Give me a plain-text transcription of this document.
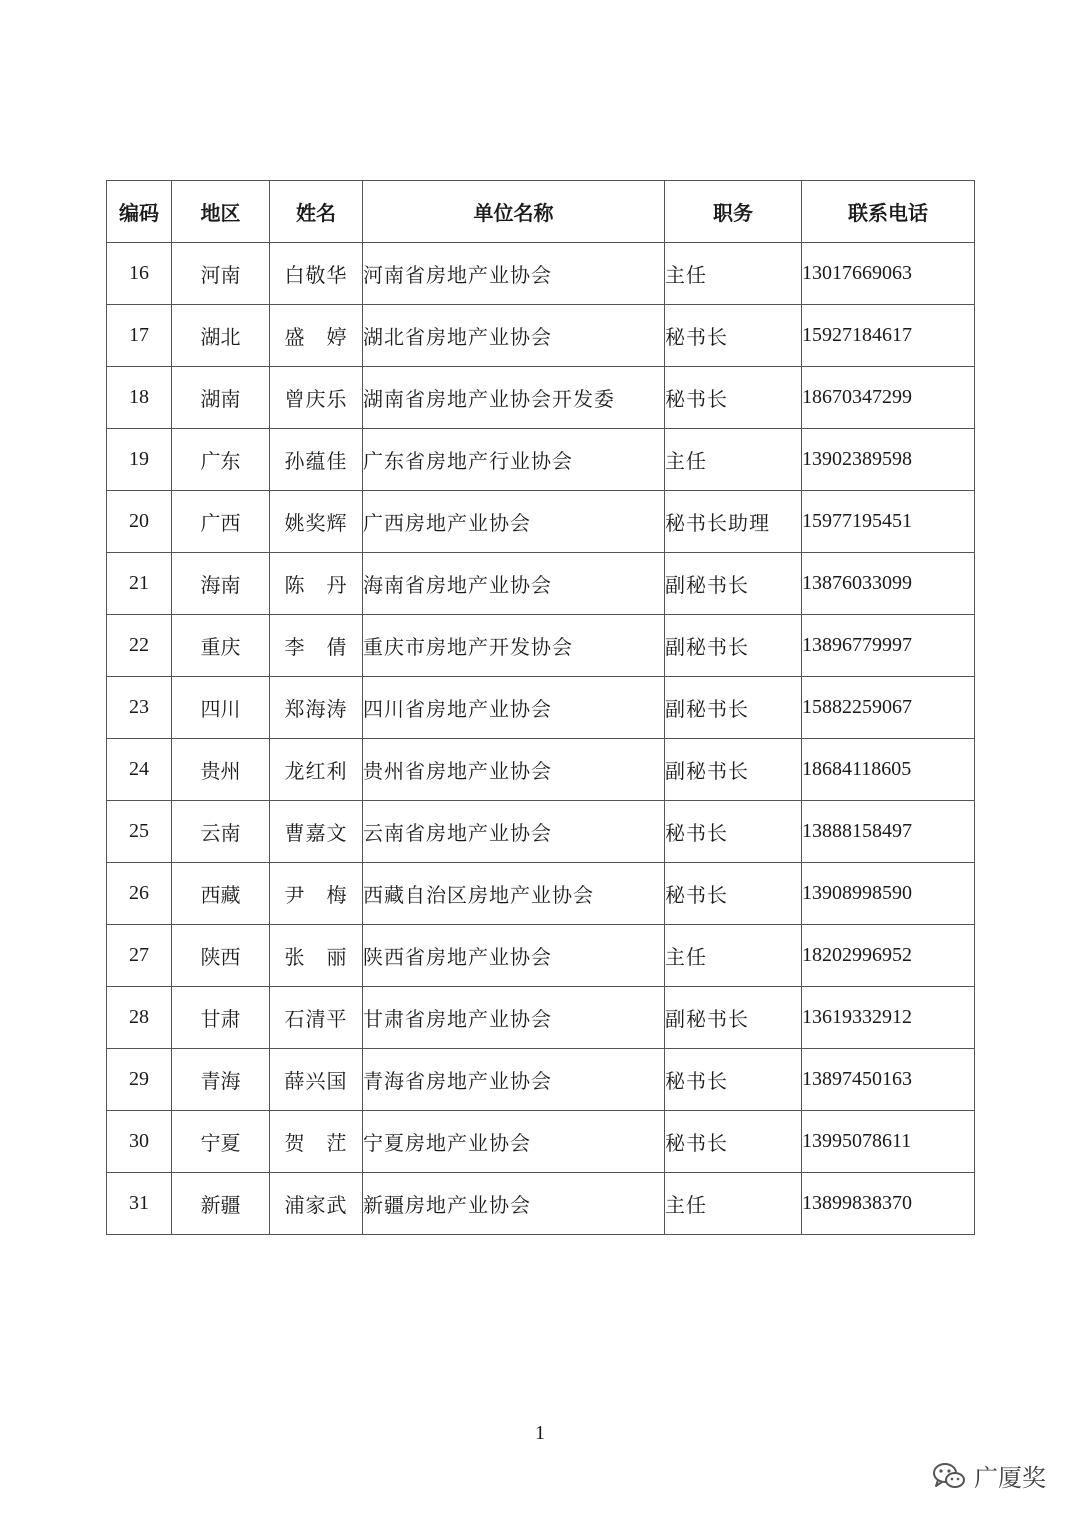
编码	地区	姓名	单位名称	职务	联系电话
16	河南	白敬华	河南省房地产业协会	主任	13017669063
17	湖北	盛　婷	湖北省房地产业协会	秘书长	15927184617
18	湖南	曾庆乐	湖南省房地产业协会开发委	秘书长	18670347299
19	广东	孙蕴佳	广东省房地产行业协会	主任	13902389598
20	广西	姚奖辉	广西房地产业协会	秘书长助理	15977195451
21	海南	陈　丹	海南省房地产业协会	副秘书长	13876033099
22	重庆	李　倩	重庆市房地产开发协会	副秘书长	13896779997
23	四川	郑海涛	四川省房地产业协会	副秘书长	15882259067
24	贵州	龙红利	贵州省房地产业协会	副秘书长	18684118605
25	云南	曹嘉文	云南省房地产业协会	秘书长	13888158497
26	西藏	尹　梅	西藏自治区房地产业协会	秘书长	13908998590
27	陕西	张　丽	陕西省房地产业协会	主任	18202996952
28	甘肃	石清平	甘肃省房地产业协会	副秘书长	13619332912
29	青海	薛兴国	青海省房地产业协会	秘书长	13897450163
30	宁夏	贺　茳	宁夏房地产业协会	秘书长	13995078611
31	新疆	浦家武	新疆房地产业协会	主任	13899838370
1
广厦奖
